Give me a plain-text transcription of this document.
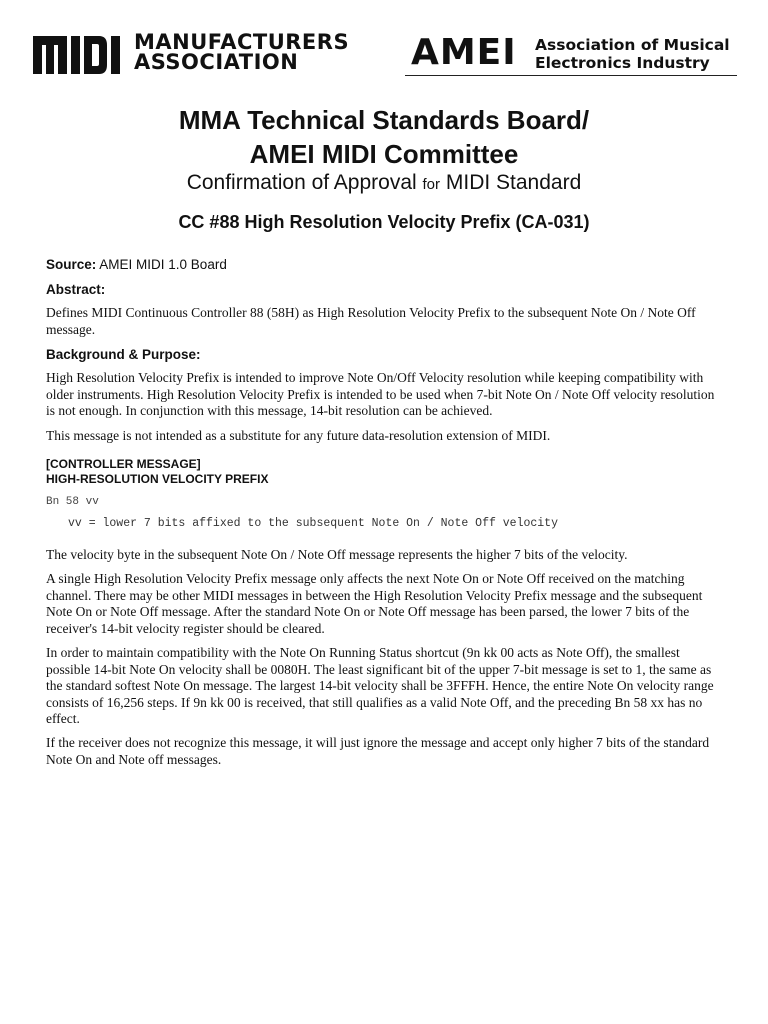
MANUFACTURERS
ASSOCIATION	AMEI Association of Musical
Electronics Industry
MMA Technical Standards Board/
AMEI MIDI Committee
Confirmation of Approval for MIDI Standard
CC #88 High Resolution Velocity Prefix (CA-031)
Source: AMEI MIDI 1.0 Board
Abstract:
Defines MIDI Continuous Controller 88 (58H) as High Resolution Velocity Prefix to the subsequent Note On / Note Off message.
Background & Purpose:
High Resolution Velocity Prefix is intended to improve Note On/Off Velocity resolution while keeping compatibility with older instruments. High Resolution Velocity Prefix is intended to be used when 7-bit Note On / Note Off velocity resolution is not enough. In conjunction with this message, 14-bit resolution can be achieved.
This message is not intended as a substitute for any future data-resolution extension of MIDI.
[CONTROLLER MESSAGE]
HIGH-RESOLUTION VELOCITY PREFIX
Bn 58 vv
vv = lower 7 bits affixed to the subsequent Note On / Note Off velocity
The velocity byte in the subsequent Note On / Note Off message represents the higher 7 bits of the velocity.
A single High Resolution Velocity Prefix message only affects the next Note On or Note Off received on the matching channel. There may be other MIDI messages in between the High Resolution Velocity Prefix message and the subsequent Note On or Note Off message. After the standard Note On or Note Off message has been parsed, the lower 7 bits of the receiver's 14-bit velocity register should be cleared.
In order to maintain compatibility with the Note On Running Status shortcut (9n kk 00 acts as Note Off), the smallest possible 14-bit Note On velocity shall be 0080H. The least significant bit of the upper 7-bit message is set to 1, the same as the standard softest Note On message. The largest 14-bit velocity shall be 3FFFH. Hence, the entire Note On velocity range consists of 16,256 steps. If 9n kk 00 is received, that still qualifies as a valid Note Off, and the preceding Bn 58 xx has no effect.
If the receiver does not recognize this message, it will just ignore the message and accept only higher 7 bits of the standard Note On and Note off messages.
